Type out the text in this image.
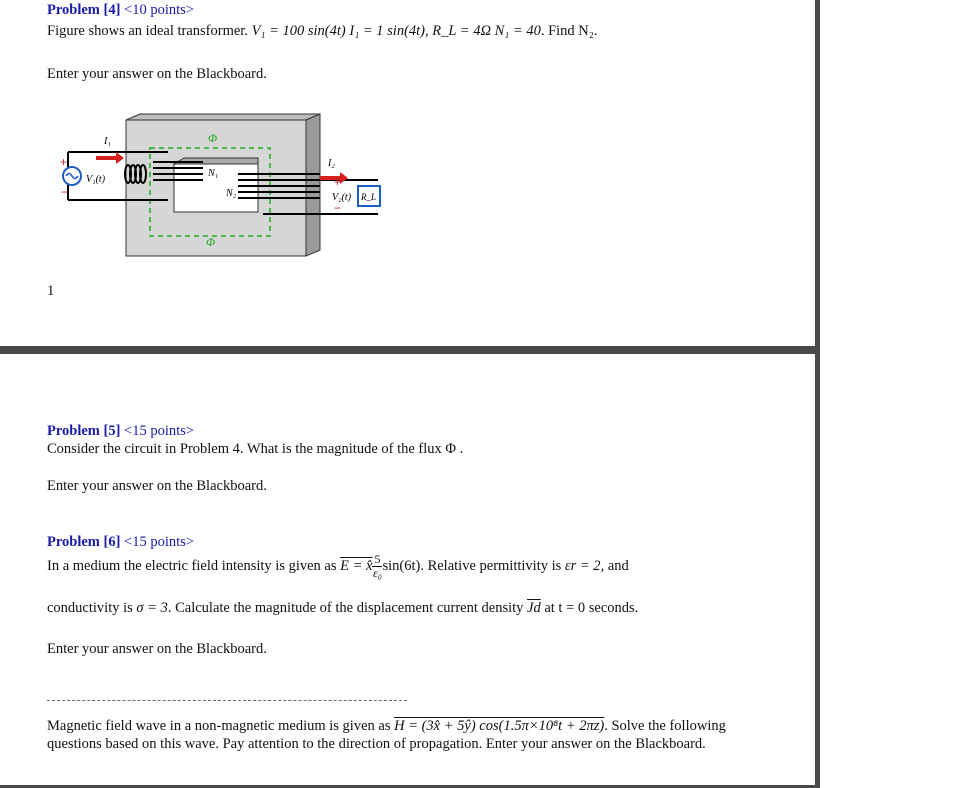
Problem [4] <10 points>
Figure shows an ideal transformer. V₁ = 100 sin(4t) I₁ = 1 sin(4t), R_L = 4Ω N₁ = 40. Find N₂.
Enter your answer on the Blackboard.
Φ
Φ
I₁
I₂
V₁(t)
V₂(t)
N₁
N₂	R_L
+
−
+
−
1
Problem [5] <15 points>
Consider the circuit in Problem 4. What is the magnitude of the flux Φ .
Enter your answer on the Blackboard.
Problem [6] <15 points>
In a medium the electric field intensity is given as E = x̂ $\frac{5}{\text{ε₀}} \sin(6t)$. Relative permittivity is εr = 2, and
conductivity is σ = 3. Calculate the magnitude of the displacement current density $\overline{Jd}$ at t = 0 seconds.
Enter your answer on the Blackboard.
Magnetic field wave in a non-magnetic medium is given as H = (3x̂ + 5ŷ) cos(1.5π×10⁸t + 2πz). Solve the following questions based on this wave. Pay attention to the direction of propagation. Enter your answer on the Blackboard.
